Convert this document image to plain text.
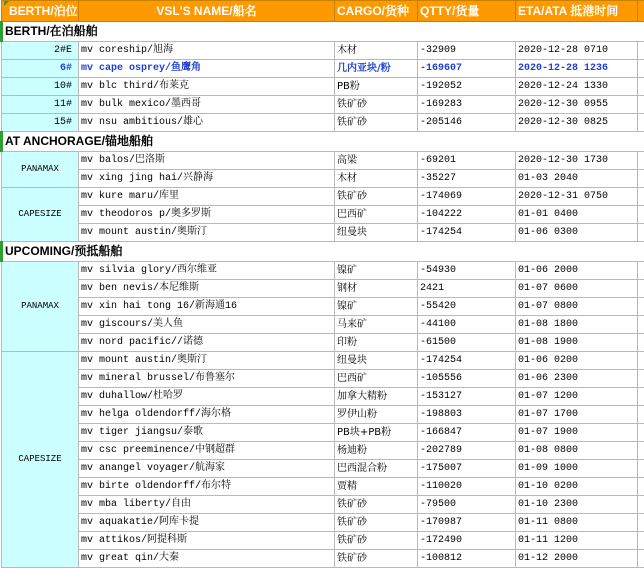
BERTH/泊位	VSL'S NAME/船名	CARGO/货种	QTTY/货量	ETA/ATA 抵港时间	
BERTH/在泊船舶					
2#E	mv coreship/旭海	木材	-32909	2020-12-28 0710	
6#	mv cape osprey/鱼鹰角	几内亚块/粉	-169607	2020-12-28 1236	
10#	mv blc third/布莱克	PB粉	-192052	2020-12-24 1330	
11#	mv bulk mexico/墨西哥	铁矿砂	-169283	2020-12-30 0955	
15#	mv nsu ambitious/雄心	铁矿砂	-205146	2020-12-30 0825	
AT ANCHORAGE/锚地船舶					
PANAMAX	mv balos/巴洛斯	高梁	-69201	2020-12-30 1730	
	mv xing jing hai/兴静海	木材	-35227	01-03 2040	
CAPESIZE	mv kure maru/库里	铁矿砂	-174069	2020-12-31 0750	
	mv theodoros p/奥多罗斯	巴西矿	-104222	01-01 0400	
	mv mount austin/奥斯汀	纽曼块	-174254	01-06 0300	
UPCOMING/预抵船舶					
PANAMAX	mv silvia glory/西尔维亚	镍矿	-54930	01-06 2000	
	mv ben nevis/本尼维斯	钢材	2421	01-07 0600	
	mv xin hai tong 16/新海通16	镍矿	-55420	01-07 0800	
	mv giscours/美人鱼	马来矿	-44100	01-08 1800	
	mv nord pacific//诺德	印粉	-61500	01-08 1900	
CAPESIZE	mv mount austin/奥斯汀	纽曼块	-174254	01-06 0200	
	mv mineral brussel/布鲁塞尔	巴西矿	-105556	01-06 2300	
	mv duhallow/杜哈罗	加拿大精粉	-153127	01-07 1200	
	mv helga oldendorff/海尔格	罗伊山粉	-198803	01-07 1700	
	mv tiger jiangsu/泰歌	PB块+PB粉	-166847	01-07 1900	
	mv csc preeminence/中钢超群	杨迪粉	-202789	01-08 0800	
	mv anangel voyager/航海家	巴西混合粉	-175007	01-09 1000	
	mv birte oldendorff/布尔特	贾精	-110020	01-10 0200	
	mv mba liberty/自由	铁矿砂	-79500	01-10 2300	
	mv aquakatie/阿库卡提	铁矿砂	-170987	01-11 0800	
	mv attikos/阿提科斯	铁矿砂	-172490	01-11 1200	
	mv great qin/大秦	铁矿砂	-100812	01-12 2000	
